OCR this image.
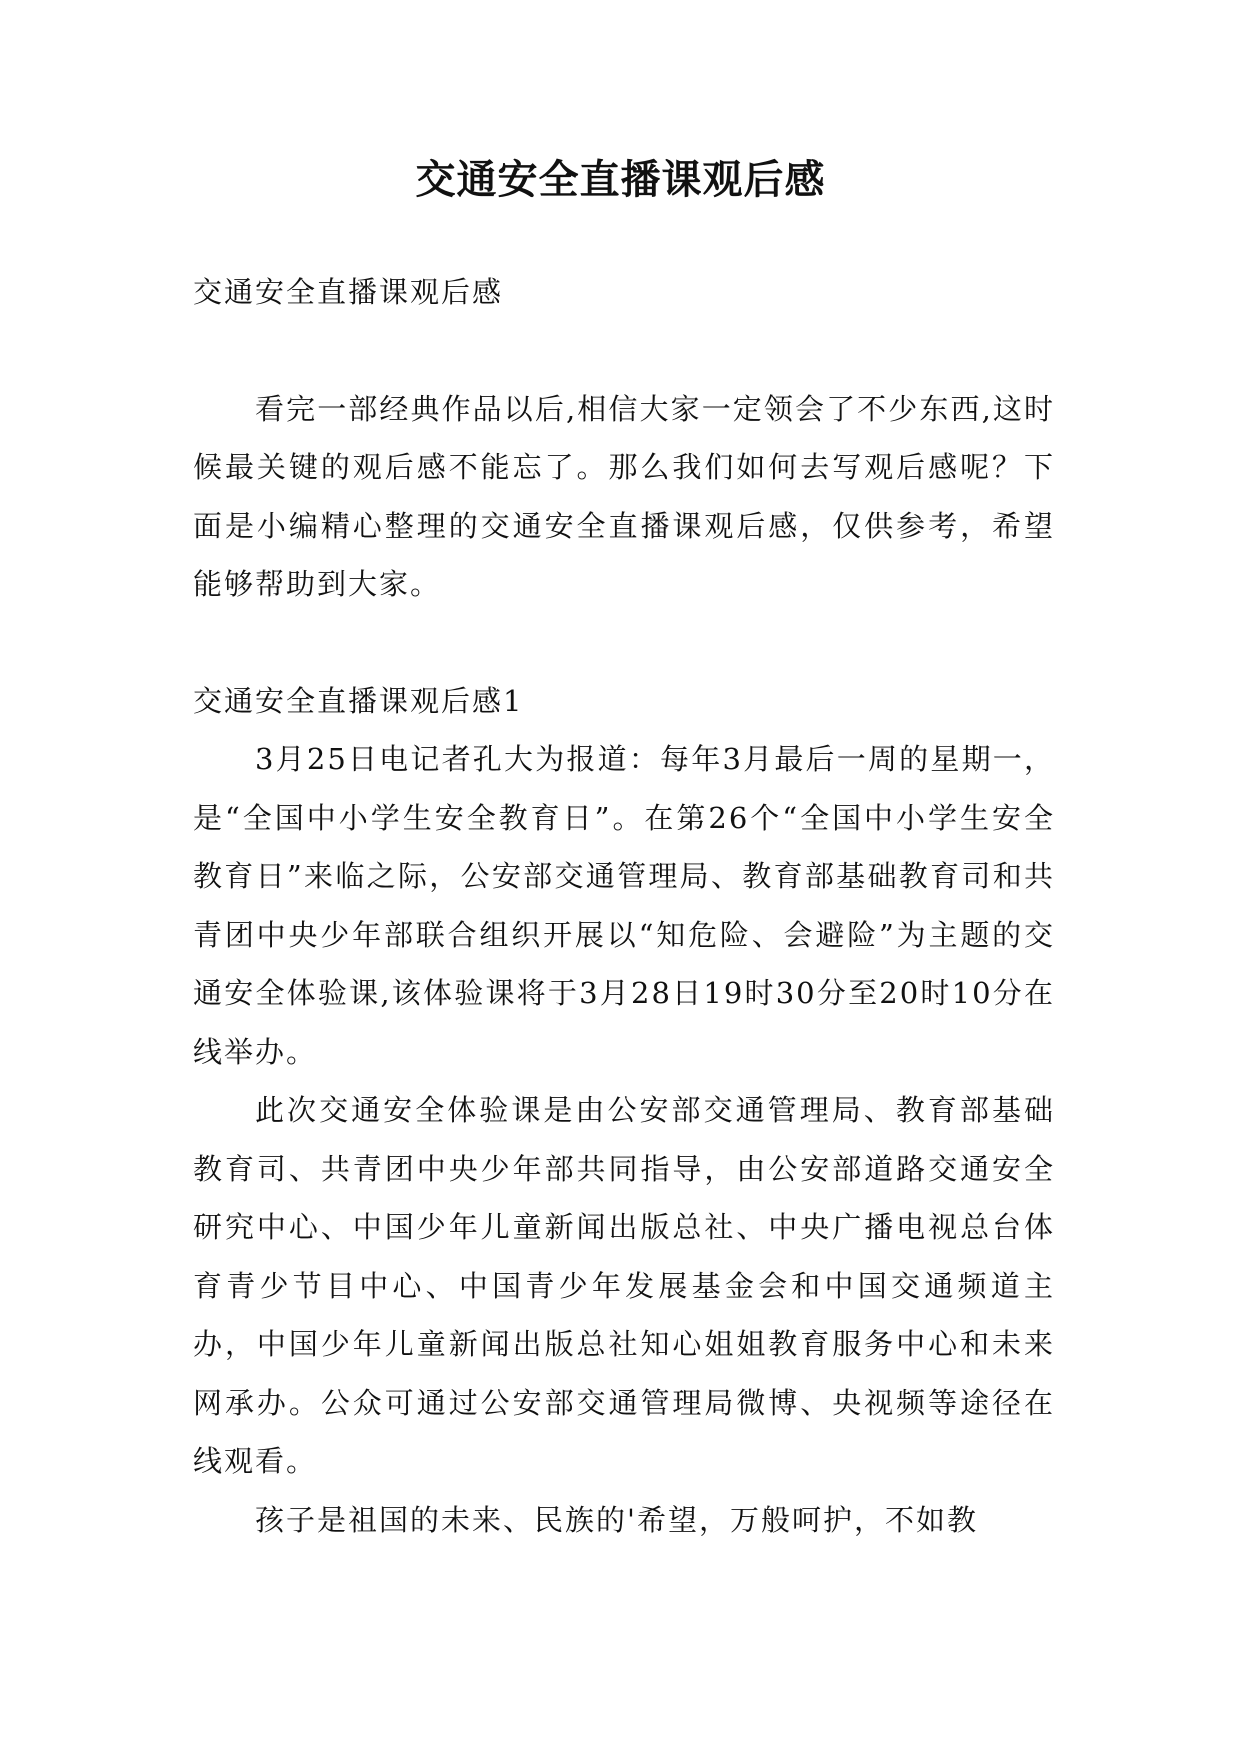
交通安全直播课观后感

交通安全直播课观后感

看完一部经典作品以后,相信大家一定领会了不少东西,这时候最关键的观后感不能忘了。那么我们如何去写观后感呢？下面是小编精心整理的交通安全直播课观后感，仅供参考，希望能够帮助到大家。

交通安全直播课观后感1

3月25日电记者孔大为报道：每年3月最后一周的星期一，是“全国中小学生安全教育日”。在第26个“全国中小学生安全教育日”来临之际，公安部交通管理局、教育部基础教育司和共青团中央少年部联合组织开展以“知危险、会避险”为主题的交通安全体验课,该体验课将于3月28日19时30分至20时10分在线举办。

此次交通安全体验课是由公安部交通管理局、教育部基础教育司、共青团中央少年部共同指导，由公安部道路交通安全研究中心、中国少年儿童新闻出版总社、中央广播电视总台体育青少节目中心、中国青少年发展基金会和中国交通频道主办，中国少年儿童新闻出版总社知心姐姐教育服务中心和未来网承办。公众可通过公安部交通管理局微博、央视频等途径在线观看。

孩子是祖国的未来、民族的'希望，万般呵护，不如教
